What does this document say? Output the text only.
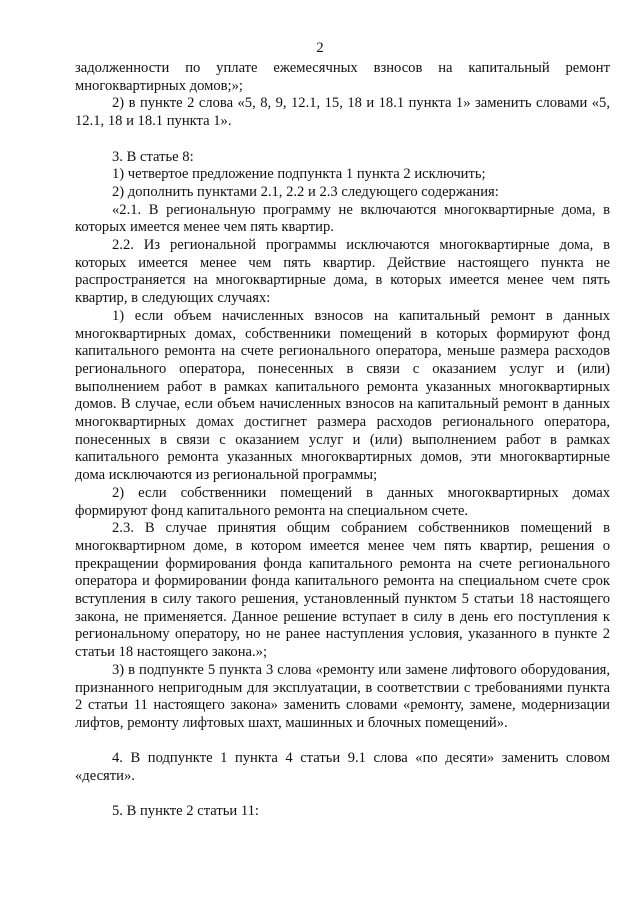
2

задолженности по уплате ежемесячных взносов на капитальный ремонт многоквартирных домов;»;

2) в пункте 2 слова «5, 8, 9, 12.1, 15, 18 и 18.1 пункта 1» заменить словами «5, 12.1, 18 и 18.1 пункта 1».

3. В статье 8:

1) четвертое предложение подпункта 1 пункта 2 исключить;

2) дополнить пунктами 2.1, 2.2 и 2.3 следующего содержания:

«2.1. В региональную программу не включаются многоквартирные дома, в которых имеется менее чем пять квартир.

2.2. Из региональной программы исключаются многоквартирные дома, в которых имеется менее чем пять квартир. Действие настоящего пункта не распространяется на многоквартирные дома, в которых имеется менее чем пять квартир, в следующих случаях:

1) если объем начисленных взносов на капитальный ремонт в данных многоквартирных домах, собственники помещений в которых формируют фонд капитального ремонта на счете регионального оператора, меньше размера расходов регионального оператора, понесенных в связи с оказанием услуг и (или) выполнением работ в рамках капитального ремонта указанных многоквартирных домов. В случае, если объем начисленных взносов на капитальный ремонт в данных многоквартирных домах достигнет размера расходов регионального оператора, понесенных в связи с оказанием услуг и (или) выполнением работ в рамках капитального ремонта указанных многоквартирных домов, эти многоквартирные дома исключаются из региональной программы;

2) если собственники помещений в данных многоквартирных домах формируют фонд капитального ремонта на специальном счете.

2.3. В случае принятия общим собранием собственников помещений в многоквартирном доме, в котором имеется менее чем пять квартир, решения о прекращении формирования фонда капитального ремонта на счете регионального оператора и формировании фонда капитального ремонта на специальном счете срок вступления в силу такого решения, установленный пунктом 5 статьи 18 настоящего закона, не применяется. Данное решение вступает в силу в день его поступления к региональному оператору, но не ранее наступления условия, указанного в пункте 2 статьи 18 настоящего закона.»;

3) в подпункте 5 пункта 3 слова «ремонту или замене лифтового оборудования, признанного непригодным для эксплуатации, в соответствии с требованиями пункта 2 статьи 11 настоящего закона» заменить словами «ремонту, замене, модернизации лифтов, ремонту лифтовых шахт, машинных и блочных помещений».

4. В подпункте 1 пункта 4 статьи 9.1 слова «по десяти» заменить словом «десяти».

5. В пункте 2 статьи 11:
